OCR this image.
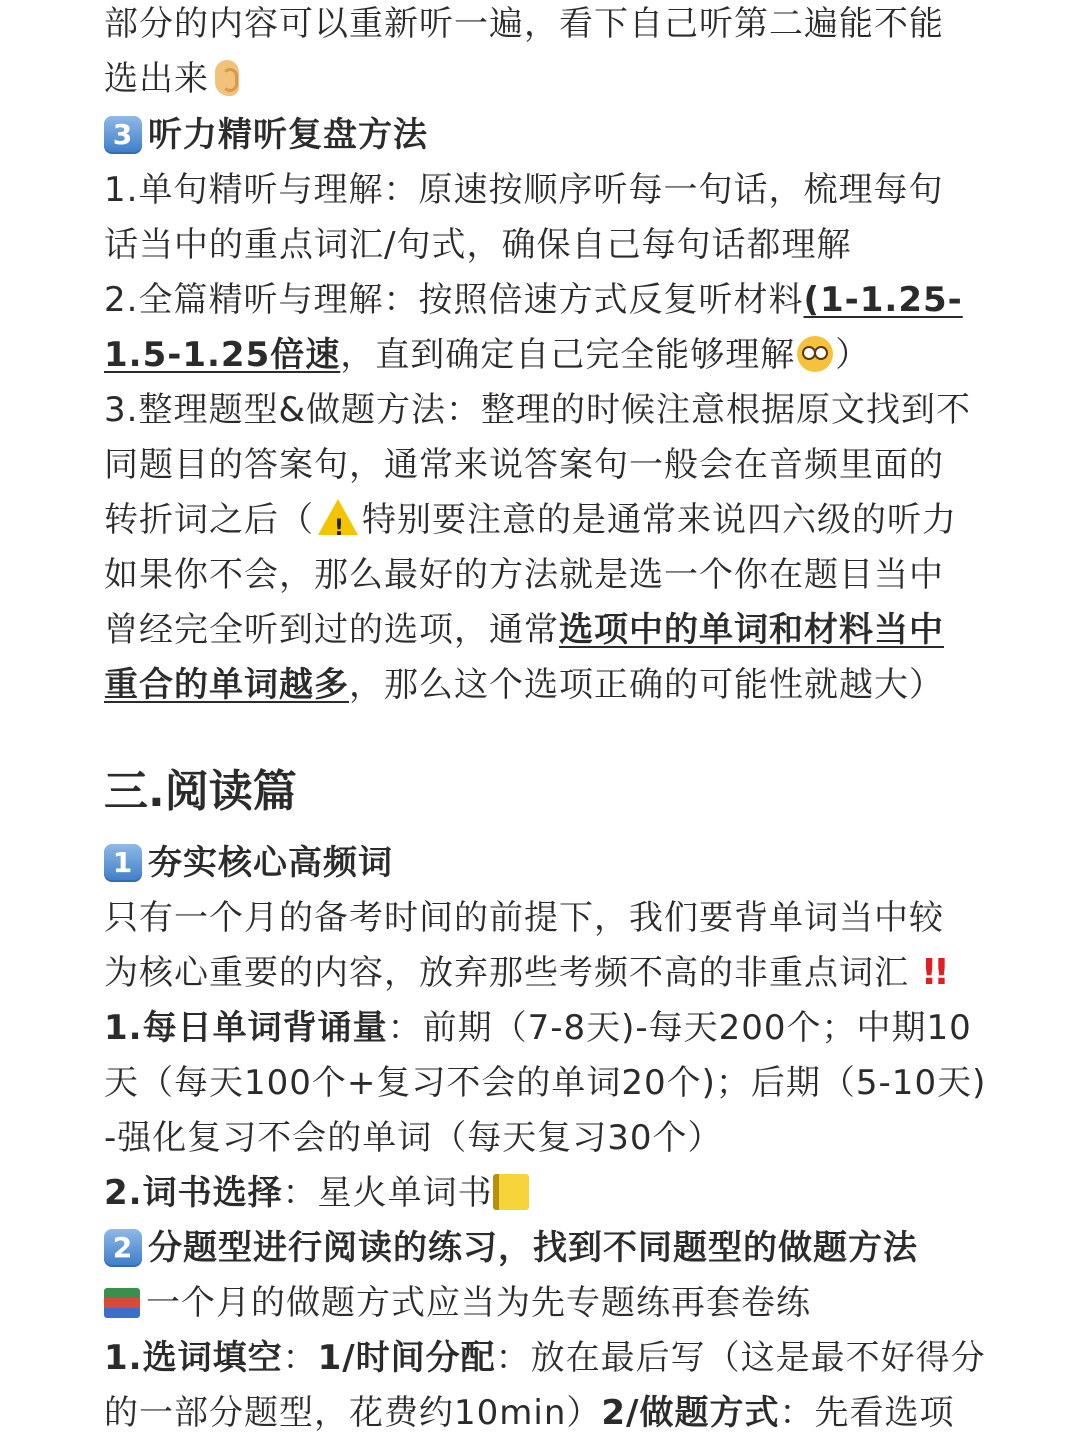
部分的内容可以重新听一遍，看下自己听第二遍能不能
选出来
3 听力精听复盘方法
1.单句精听与理解：原速按顺序听每一句话，梳理每句
话当中的重点词汇/句式，确保自己每句话都理解
2.全篇精听与理解：按照倍速方式反复听材料(1-1.25-
1.5-1.25倍速，直到确定自己完全能够理解 ）
3.整理题型&做题方法：整理的时候注意根据原文找到不
同题目的答案句，通常来说答案句一般会在音频里面的
转折词之后（ ! 特别要注意的是通常来说四六级的听力
如果你不会，那么最好的方法就是选一个你在题目当中
曾经完全听到过的选项，通常选项中的单词和材料当中
重合的单词越多，那么这个选项正确的可能性就越大）
三.阅读篇
1 夯实核心高频词
只有一个月的备考时间的前提下，我们要背单词当中较
为核心重要的内容，放弃那些考频不高的非重点词汇 !!
1.每日单词背诵量：前期（7-8天)-每天200个；中期10
天（每天100个+复习不会的单词20个)；后期（5-10天)
-强化复习不会的单词（每天复习30个）
2.词书选择：星火单词书
2 分题型进行阅读的练习，找到不同题型的做题方法
一个月的做题方式应当为先专题练再套卷练
1.选词填空：1/时间分配：放在最后写（这是最不好得分
的一部分题型，花费约10min）2/做题方式：先看选项
